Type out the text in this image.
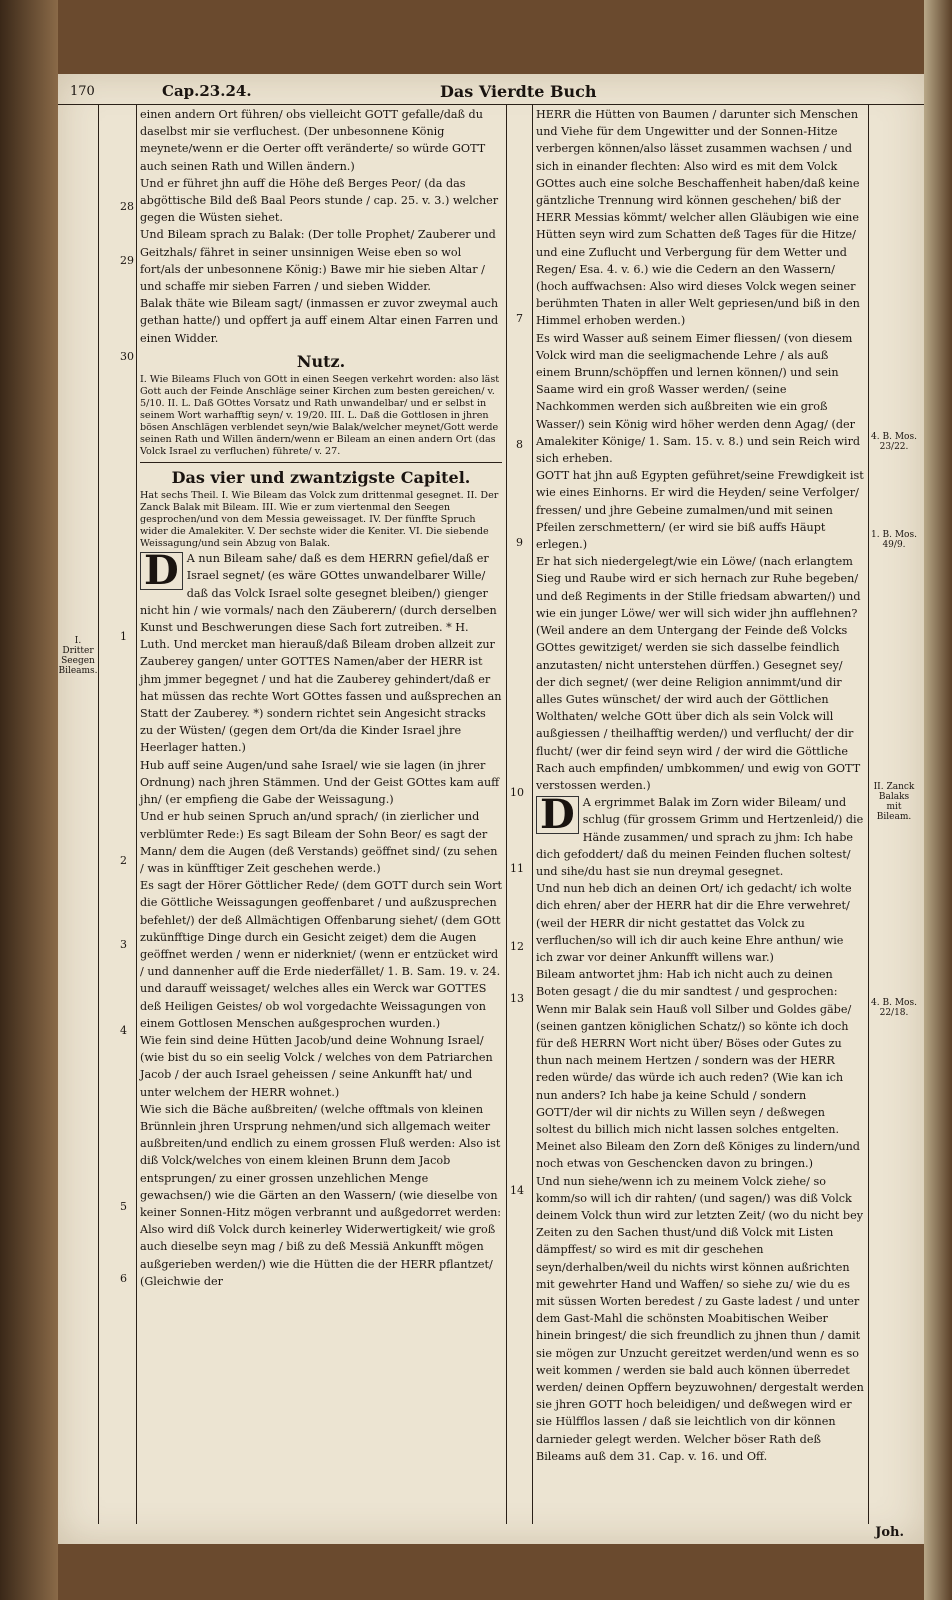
170	Cap.23.24.	Das Vierdte Buch
I. Dritter Seegen Bileams.
28
29
30
1
2
3
4
5
6
7
8
9
10
11
12
13
14
4. B. Mos. 23/22.
1. B. Mos. 49/9.
II. Zanck Balaks mit Bileam.
4. B. Mos. 22/18.

einen andern Ort führen/ obs vielleicht GOTT gefalle/daß du daselbst mir sie verfluchest. (Der unbesonnene König meynete/wenn er die Oerter offt veränderte/ so würde GOTT auch seinen Rath und Willen ändern.)

Und er führet jhn auff die Höhe deß Berges Peor/ (da das abgöttische Bild deß Baal Peors stunde / cap. 25. v. 3.) welcher gegen die Wüsten siehet.

Und Bileam sprach zu Balak: (Der tolle Prophet/ Zauberer und Geitzhals/ fähret in seiner unsinnigen Weise eben so wol fort/als der unbesonnene König:) Bawe mir hie sieben Altar / und schaffe mir sieben Farren / und sieben Widder.

Balak thäte wie Bileam sagt/ (inmassen er zuvor zweymal auch gethan hatte/) und opffert ja auff einem Altar einen Farren und einen Widder.

Nutz.

I. Wie Bileams Fluch von GOtt in einen Seegen verkehrt worden: also läst Gott auch der Feinde Anschläge seiner Kirchen zum besten gereichen/ v. 5/10. II. L. Daß GOttes Vorsatz und Rath unwandelbar/ und er selbst in seinem Wort warhafftig seyn/ v. 19/20. III. L. Daß die Gottlosen in jhren bösen Anschlägen verblendet seyn/wie Balak/welcher meynet/Gott werde seinen Rath und Willen ändern/wenn er Bileam an einen andern Ort (das Volck Israel zu verfluchen) führete/ v. 27.

Das vier und zwantzigste Capitel.

Hat sechs Theil. I. Wie Bileam das Volck zum drittenmal gesegnet. II. Der Zanck Balak mit Bileam. III. Wie er zum viertenmal den Seegen gesprochen/und von dem Messia geweissaget. IV. Der fünffte Spruch wider die Amalekiter. V. Der sechste wider die Keniter. VI. Die siebende Weissagung/und sein Abzug von Balak.

D A nun Bileam sahe/ daß es dem HERRN gefiel/daß er Israel segnet/ (es wäre GOttes unwandelbarer Wille/ daß das Volck Israel solte gesegnet bleiben/) gienger nicht hin / wie vormals/ nach den Zäuberern/ (durch derselben Kunst und Beschwerungen diese Sach fort zutreiben. * H. Luth. Und mercket man hierauß/daß Bileam droben allzeit zur Zauberey gangen/ unter GOTTES Namen/aber der HERR ist jhm jmmer begegnet / und hat die Zauberey gehindert/daß er hat müssen das rechte Wort GOttes fassen und außsprechen an Statt der Zauberey. *) sondern richtet sein Angesicht stracks zu der Wüsten/ (gegen dem Ort/da die Kinder Israel jhre Heerlager hatten.)

Hub auff seine Augen/und sahe Israel/ wie sie lagen (in jhrer Ordnung) nach jhren Stämmen. Und der Geist GOttes kam auff jhn/ (er empfieng die Gabe der Weissagung.)

Und er hub seinen Spruch an/und sprach/ (in zierlicher und verblümter Rede:) Es sagt Bileam der Sohn Beor/ es sagt der Mann/ dem die Augen (deß Verstands) geöffnet sind/ (zu sehen / was in künfftiger Zeit geschehen werde.)

Es sagt der Hörer Göttlicher Rede/ (dem GOTT durch sein Wort die Göttliche Weissagungen geoffenbaret / und außzusprechen befehlet/) der deß Allmächtigen Offenbarung siehet/ (dem GOtt zukünfftige Dinge durch ein Gesicht zeiget) dem die Augen geöffnet werden / wenn er niderkniet/ (wenn er entzücket wird / und dannenher auff die Erde niederfället/ 1. B. Sam. 19. v. 24. und darauff weissaget/ welches alles ein Werck war GOTTES deß Heiligen Geistes/ ob wol vorgedachte Weissagungen von einem Gottlosen Menschen außgesprochen wurden.)

Wie fein sind deine Hütten Jacob/und deine Wohnung Israel/ (wie bist du so ein seelig Volck / welches von dem Patriarchen Jacob / der auch Israel geheissen / seine Ankunfft hat/ und unter welchem der HERR wohnet.)

Wie sich die Bäche außbreiten/ (welche offtmals von kleinen Brünnlein jhren Ursprung nehmen/und sich allgemach weiter außbreiten/und endlich zu einem grossen Fluß werden: Also ist diß Volck/welches von einem kleinen Brunn dem Jacob entsprungen/ zu einer grossen unzehlichen Menge gewachsen/) wie die Gärten an den Wassern/ (wie dieselbe von keiner Sonnen-Hitz mögen verbrannt und außgedorret werden: Also wird diß Volck durch keinerley Widerwertigkeit/ wie groß auch dieselbe seyn mag / biß zu deß Messiä Ankunfft mögen außgerieben werden/) wie die Hütten die der HERR pflantzet/ (Gleichwie der

HERR die Hütten von Baumen / darunter sich Menschen und Viehe für dem Ungewitter und der Sonnen-Hitze verbergen können/also lässet zusammen wachsen / und sich in einander flechten: Also wird es mit dem Volck GOttes auch eine solche Beschaffenheit haben/daß keine gäntzliche Trennung wird können geschehen/ biß der HERR Messias kömmt/ welcher allen Gläubigen wie eine Hütten seyn wird zum Schatten deß Tages für die Hitze/ und eine Zuflucht und Verbergung für dem Wetter und Regen/ Esa. 4. v. 6.) wie die Cedern an den Wassern/ (hoch auffwachsen: Also wird dieses Volck wegen seiner berühmten Thaten in aller Welt gepriesen/und biß in den Himmel erhoben werden.)

Es wird Wasser auß seinem Eimer fliessen/ (von diesem Volck wird man die seeligmachende Lehre / als auß einem Brunn/schöpffen und lernen können/) und sein Saame wird ein groß Wasser werden/ (seine Nachkommen werden sich außbreiten wie ein groß Wasser/) sein König wird höher werden denn Agag/ (der Amalekiter Könige/ 1. Sam. 15. v. 8.) und sein Reich wird sich erheben.

GOTT hat jhn auß Egypten geführet/seine Frewdigkeit ist wie eines Einhorns. Er wird die Heyden/ seine Verfolger/ fressen/ und jhre Gebeine zumalmen/und mit seinen Pfeilen zerschmettern/ (er wird sie biß auffs Häupt erlegen.)

Er hat sich niedergelegt/wie ein Löwe/ (nach erlangtem Sieg und Raube wird er sich hernach zur Ruhe begeben/ und deß Regiments in der Stille friedsam abwarten/) und wie ein junger Löwe/ wer will sich wider jhn aufflehnen? (Weil andere an dem Untergang der Feinde deß Volcks GOttes gewitziget/ werden sie sich dasselbe feindlich anzutasten/ nicht unterstehen dürffen.) Gesegnet sey/ der dich segnet/ (wer deine Religion annimmt/und dir alles Gutes wünschet/ der wird auch der Göttlichen Wolthaten/ welche GOtt über dich als sein Volck will außgiessen / theilhafftig werden/) und verflucht/ der dir flucht/ (wer dir feind seyn wird / der wird die Göttliche Rach auch empfinden/ umbkommen/ und ewig von GOTT verstossen werden.)

D A ergrimmet Balak im Zorn wider Bileam/ und schlug (für grossem Grimm und Hertzenleid/) die Hände zusammen/ und sprach zu jhm: Ich habe dich gefoddert/ daß du meinen Feinden fluchen soltest/ und sihe/du hast sie nun dreymal gesegnet.

Und nun heb dich an deinen Ort/ ich gedacht/ ich wolte dich ehren/ aber der HERR hat dir die Ehre verwehret/ (weil der HERR dir nicht gestattet das Volck zu verfluchen/so will ich dir auch keine Ehre anthun/ wie ich zwar vor deiner Ankunfft willens war.)

Bileam antwortet jhm: Hab ich nicht auch zu deinen Boten gesagt / die du mir sandtest / und gesprochen:

Wenn mir Balak sein Hauß voll Silber und Goldes gäbe/ (seinen gantzen königlichen Schatz/) so könte ich doch für deß HERRN Wort nicht über/ Böses oder Gutes zu thun nach meinem Hertzen / sondern was der HERR reden würde/ das würde ich auch reden? (Wie kan ich nun anders? Ich habe ja keine Schuld / sondern GOTT/der wil dir nichts zu Willen seyn / deßwegen soltest du billich mich nicht lassen solches entgelten. Meinet also Bileam den Zorn deß Königes zu lindern/und noch etwas von Geschencken davon zu bringen.)

Und nun siehe/wenn ich zu meinem Volck ziehe/ so komm/so will ich dir rahten/ (und sagen/) was diß Volck deinem Volck thun wird zur letzten Zeit/ (wo du nicht bey Zeiten zu den Sachen thust/und diß Volck mit Listen dämpffest/ so wird es mit dir geschehen seyn/derhalben/weil du nichts wirst können außrichten mit gewehrter Hand und Waffen/ so siehe zu/ wie du es mit süssen Worten beredest / zu Gaste ladest / und unter dem Gast-Mahl die schönsten Moabitischen Weiber hinein bringest/ die sich freundlich zu jhnen thun / damit sie mögen zur Unzucht gereitzet werden/und wenn es so weit kommen / werden sie bald auch können überredet werden/ deinen Opffern beyzuwohnen/ dergestalt werden sie jhren GOTT hoch beleidigen/ und deßwegen wird er sie Hülfflos lassen / daß sie leichtlich von dir können darnieder gelegt werden. Welcher böser Rath deß Bileams auß dem 31. Cap. v. 16. und Off.

Joh.
